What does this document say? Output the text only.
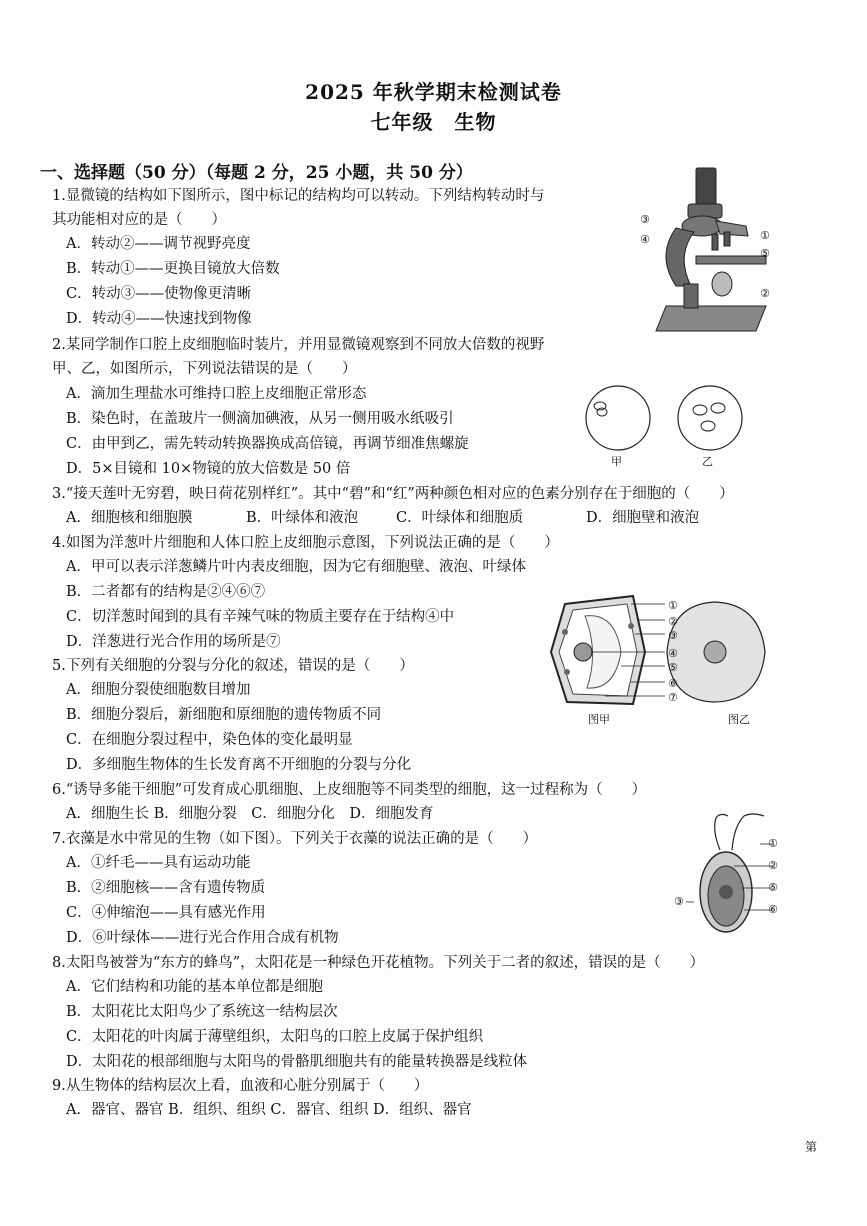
2025 年秋学期末检测试卷
七年级　生物
一、选择题（50 分）（每题 2 分，25 小题，共 50 分）
1.显微镜的结构如下图所示，图中标记的结构均可以转动。下列结构转动时与
其功能相对应的是（　　）
A．转动②——调节视野亮度
B．转动①——更换目镜放大倍数
C．转动③——使物像更清晰
D．转动④——快速找到物像
③
④	①
⑤
②
2.某同学制作口腔上皮细胞临时装片，并用显微镜观察到不同放大倍数的视野
甲、乙，如图所示，下列说法错误的是（　　）
A．滴加生理盐水可维持口腔上皮细胞正常形态
B．染色时，在盖玻片一侧滴加碘液，从另一侧用吸水纸吸引
C．由甲到乙，需先转动转换器换成高倍镜，再调节细准焦螺旋
D．5×目镜和 10×物镜的放大倍数是 50 倍	甲	乙
3.“接天莲叶无穷碧，映日荷花别样红”。其中“碧”和“红”两种颜色相对应的色素分别存在于细胞的（　　）
A．细胞核和细胞膜	B．叶绿体和液泡	C．叶绿体和细胞质	D．细胞壁和液泡
4.如图为洋葱叶片细胞和人体口腔上皮细胞示意图，下列说法正确的是（　　）
A．甲可以表示洋葱鳞片叶内表皮细胞，因为它有细胞壁、液泡、叶绿体
B．二者都有的结构是②④⑥⑦
C．切洋葱时闻到的具有辛辣气味的物质主要存在于结构④中
D．洋葱进行光合作用的场所是⑦
①
②
③
④
⑤
⑥
⑦
图甲	图乙
5.下列有关细胞的分裂与分化的叙述，错误的是（　　）
A．细胞分裂使细胞数目增加
B．细胞分裂后，新细胞和原细胞的遗传物质不同
C．在细胞分裂过程中，染色体的变化最明显
D．多细胞生物体的生长发育离不开细胞的分裂与分化
6.“诱导多能干细胞”可发育成心肌细胞、上皮细胞等不同类型的细胞，这一过程称为（　　）
A．细胞生长 B．细胞分裂　C．细胞分化　D．细胞发育
7.衣藻是水中常见的生物（如下图）。下列关于衣藻的说法正确的是（　　）
A．①纤毛——具有运动功能
B．②细胞核——含有遗传物质
C．④伸缩泡——具有感光作用
D．⑥叶绿体——进行光合作用合成有机物
①
②
⑤
③
⑥
8.太阳鸟被誉为“东方的蜂鸟”，太阳花是一种绿色开花植物。下列关于二者的叙述，错误的是（　　）
A．它们结构和功能的基本单位都是细胞
B．太阳花比太阳鸟少了系统这一结构层次
C．太阳花的叶肉属于薄壁组织，太阳鸟的口腔上皮属于保护组织
D．太阳花的根部细胞与太阳鸟的骨骼肌细胞共有的能量转换器是线粒体
9.从生物体的结构层次上看，血液和心脏分别属于（　　）
A．器官、器官 B．组织、组织 C．器官、组织 D．组织、器官
第
